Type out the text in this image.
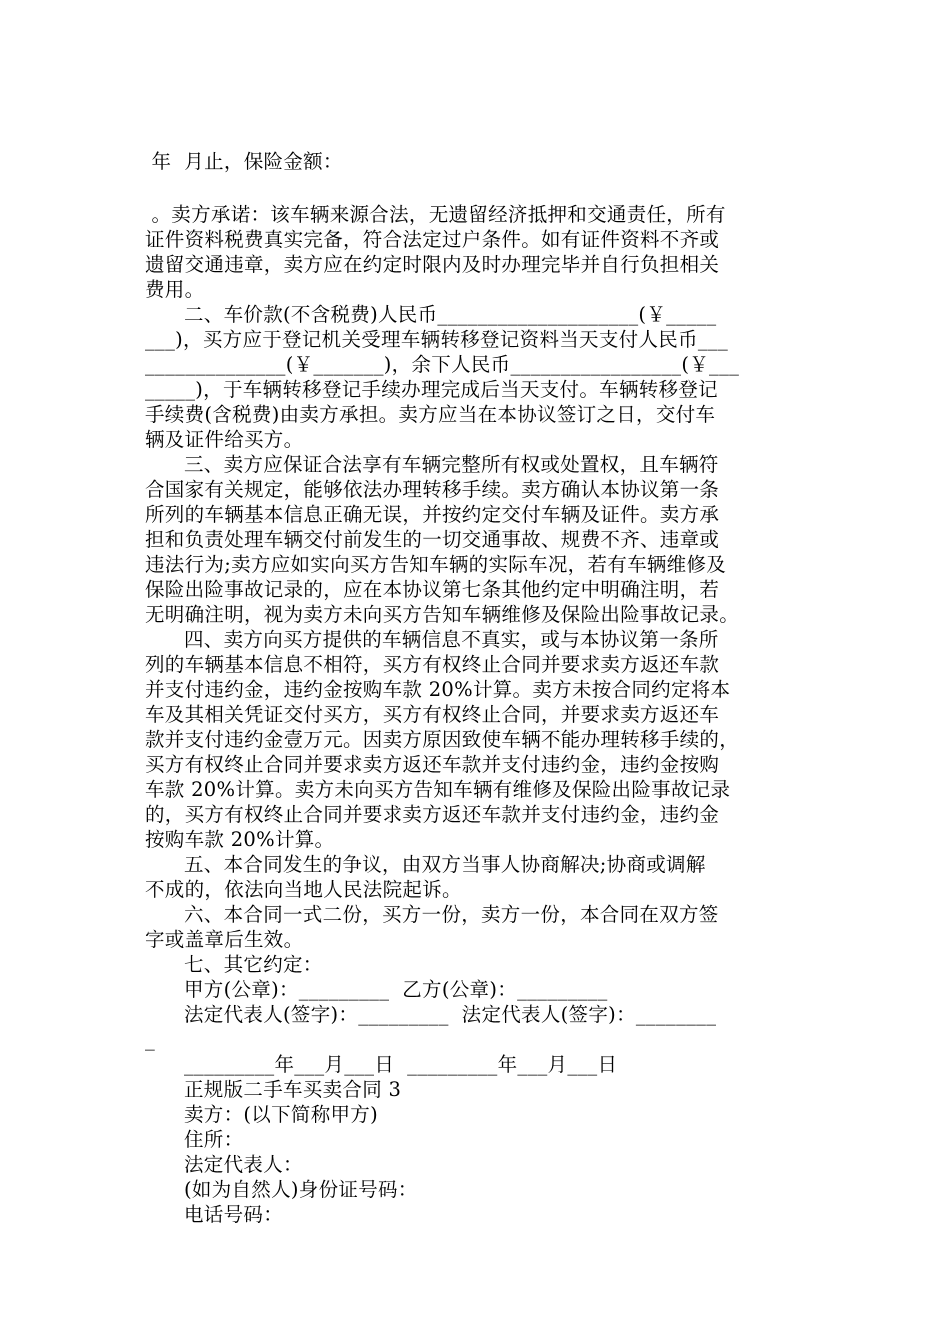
年  月止，保险金额：
。卖方承诺：该车辆来源合法，无遗留经济抵押和交通责任，所有
证件资料税费真实完备，符合法定过户条件。如有证件资料不齐或
遗留交通违章，卖方应在约定时限内及时办理完毕并自行负担相关
费用。
二、车价款(不含税费)人民币____________________(￥_____
___)，买方应于登记机关受理车辆转移登记资料当天支付人民币___
______________(￥_______)，余下人民币_________________(￥___
_____)，于车辆转移登记手续办理完成后当天支付。车辆转移登记
手续费(含税费)由卖方承担。卖方应当在本协议签订之日，交付车
辆及证件给买方。
三、卖方应保证合法享有车辆完整所有权或处置权，且车辆符
合国家有关规定，能够依法办理转移手续。卖方确认本协议第一条
所列的车辆基本信息正确无误，并按约定交付车辆及证件。卖方承
担和负责处理车辆交付前发生的一切交通事故、规费不齐、违章或
违法行为;卖方应如实向买方告知车辆的实际车况，若有车辆维修及
保险出险事故记录的，应在本协议第七条其他约定中明确注明，若
无明确注明，视为卖方未向买方告知车辆维修及保险出险事故记录。
四、卖方向买方提供的车辆信息不真实，或与本协议第一条所
列的车辆基本信息不相符，买方有权终止合同并要求卖方返还车款
并支付违约金，违约金按购车款 20%计算。卖方未按合同约定将本
车及其相关凭证交付买方，买方有权终止合同，并要求卖方返还车
款并支付违约金壹万元。因卖方原因致使车辆不能办理转移手续的，
买方有权终止合同并要求卖方返还车款并支付违约金，违约金按购
车款 20%计算。卖方未向买方告知车辆有维修及保险出险事故记录
的，买方有权终止合同并要求卖方返还车款并支付违约金，违约金
按购车款 20%计算。
五、本合同发生的争议，由双方当事人协商解决;协商或调解
不成的，依法向当地人民法院起诉。
六、本合同一式二份，买方一份，卖方一份，本合同在双方签
字或盖章后生效。
七、其它约定：
甲方(公章)：_________  乙方(公章)：_________
法定代表人(签字)：_________  法定代表人(签字)：________
_
_________年___月___日  _________年___月___日
正规版二手车买卖合同 3
卖方：(以下简称甲方)
住所：
法定代表人：
(如为自然人)身份证号码：
电话号码：
